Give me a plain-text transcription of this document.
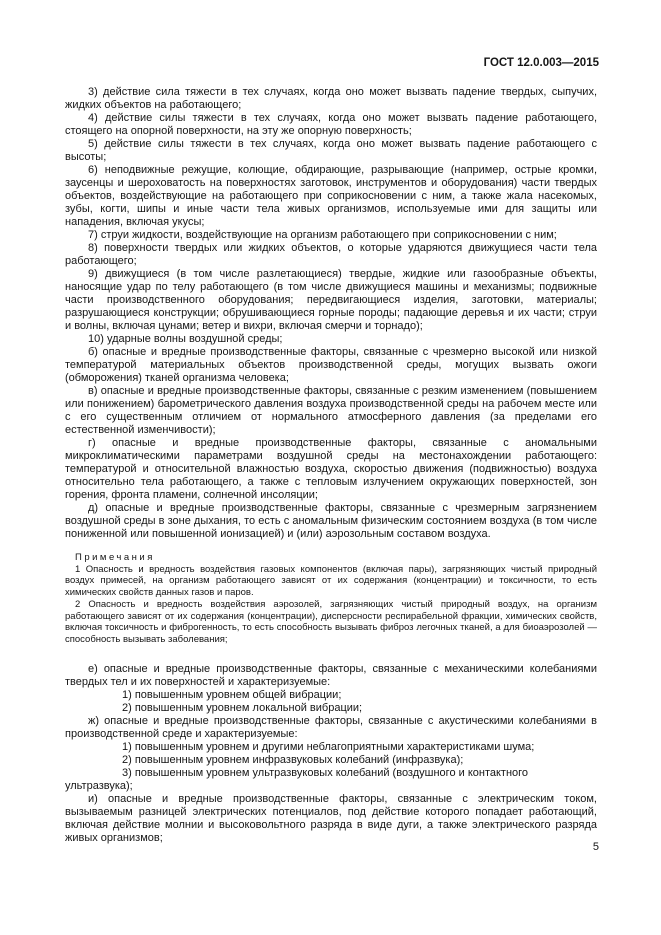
ГОСТ 12.0.003—2015

3) действие сила тяжести в тех случаях, когда оно может вызвать падение твердых, сыпучих, жидких объектов на работающего;

4) действие силы тяжести в тех случаях, когда оно может вызвать падение работающего, стоящего на опорной поверхности, на эту же опорную поверхность;

5) действие силы тяжести в тех случаях, когда оно может вызвать падение работающего с высоты;

6) неподвижные режущие, колющие, обдирающие, разрывающие (например, острые кромки, заусенцы и шероховатость на поверхностях заготовок, инструментов и оборудования) части твердых объектов, воздействующие на работающего при соприкосновении с ним, а также жала насекомых, зубы, когти, шипы и иные части тела живых организмов, используемые ими для защиты или нападения, включая укусы;

7) струи жидкости, воздействующие на организм работающего при соприкосновении с ним;

8) поверхности твердых или жидких объектов, о которые ударяются движущиеся части тела работающего;

9) движущиеся (в том числе разлетающиеся) твердые, жидкие или газообразные объекты, наносящие удар по телу работающего (в том числе движущиеся машины и механизмы; подвижные части производственного оборудования; передвигающиеся изделия, заготовки, материалы; разрушающиеся конструкции; обрушивающиеся горные породы; падающие деревья и их части; струи и волны, включая цунами; ветер и вихри, включая смерчи и торнадо);

10) ударные волны воздушной среды;

б) опасные и вредные производственные факторы, связанные с чрезмерно высокой или низкой температурой материальных объектов производственной среды, могущих вызвать ожоги (обморожения) тканей организма человека;

в) опасные и вредные производственные факторы, связанные с резким изменением (повышением или понижением) барометрического давления воздуха производственной среды на рабочем месте или с его существенным отличием от нормального атмосферного давления (за пределами его естественной изменчивости);

г) опасные и вредные производственные факторы, связанные с аномальными микроклиматическими параметрами воздушной среды на местонахождении работающего: температурой и относительной влажностью воздуха, скоростью движения (подвижностью) воздуха относительно тела работающего, а также с тепловым излучением окружающих поверхностей, зон горения, фронта пламени, солнечной инсоляции;

д) опасные и вредные производственные факторы, связанные с чрезмерным загрязнением воздушной среды в зоне дыхания, то есть с аномальным физическим состоянием воздуха (в том числе пониженной или повышенной ионизацией) и (или) аэрозольным составом воздуха.

Примечания

1 Опасность и вредность воздействия газовых компонентов (включая пары), загрязняющих чистый природный воздух примесей, на организм работающего зависят от их содержания (концентрации) и токсичности, то есть химических свойств данных газов и паров.

2 Опасность и вредность воздействия аэрозолей, загрязняющих чистый природный воздух, на организм работающего зависят от их содержания (концентрации), дисперсности респирабельной фракции, химических свойств, включая токсичность и фиброгенность, то есть способность вызывать фиброз легочных тканей, а для биоаэрозолей — способность вызывать заболевания;

е) опасные и вредные производственные факторы, связанные с механическими колебаниями твердых тел и их поверхностей и характеризуемые:

1) повышенным уровнем общей вибрации;

2) повышенным уровнем локальной вибрации;

ж) опасные и вредные производственные факторы, связанные с акустическими колебаниями в производственной среде и характеризуемые:

1) повышенным уровнем и другими неблагоприятными характеристиками шума;

2) повышенным уровнем инфразвуковых колебаний (инфразвука);

3) повышенным уровнем ультразвуковых колебаний (воздушного и контактного ультразвука);

и) опасные и вредные производственные факторы, связанные с электрическим током, вызываемым разницей электрических потенциалов, под действие которого попадает работающий, включая действие молнии и высоковольтного разряда в виде дуги, а также электрического разряда живых организмов;

5
